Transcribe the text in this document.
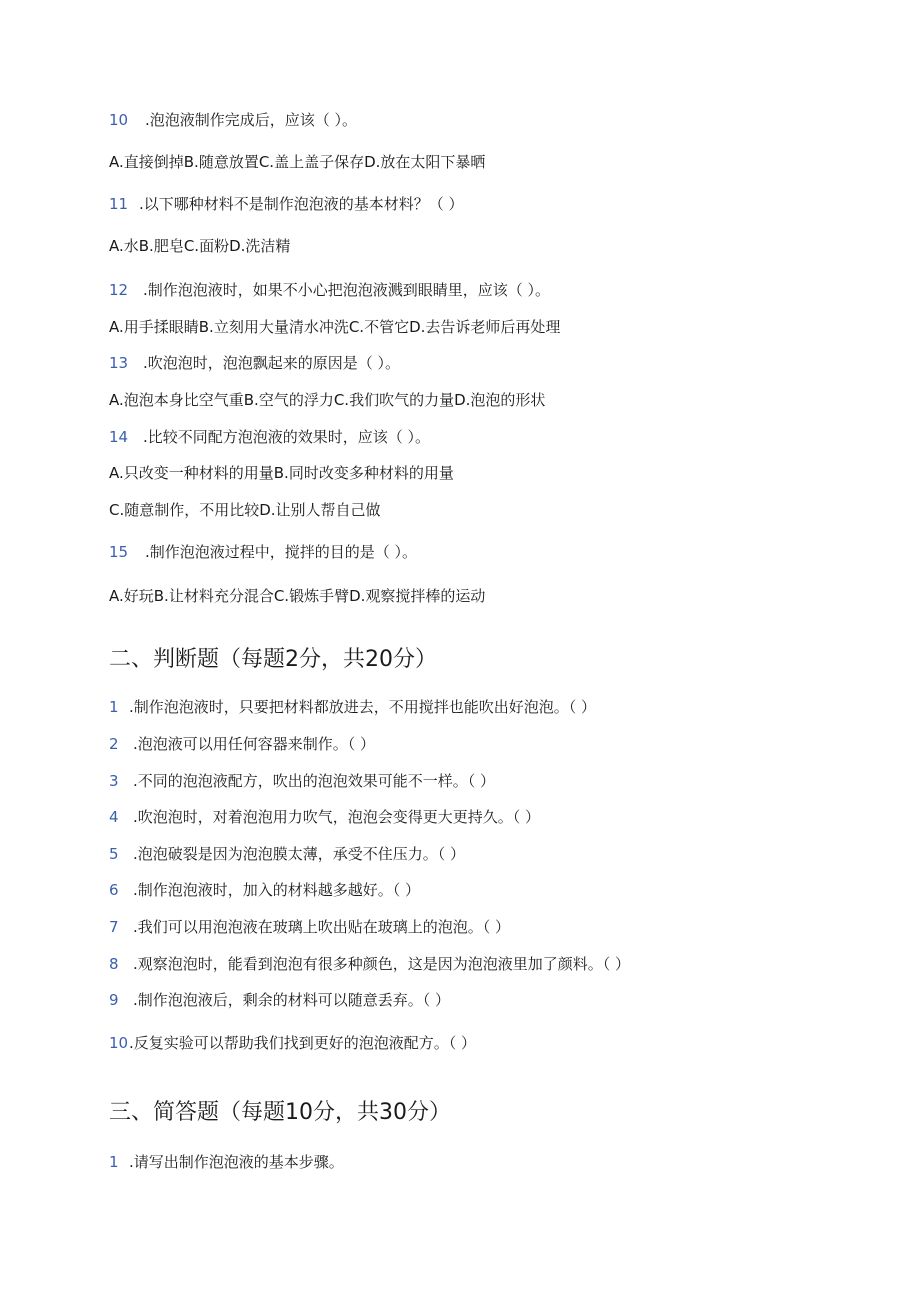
10 .泡泡液制作完成后，应该（ ）。
A.直接倒掉B.随意放置C.盖上盖子保存D.放在太阳下暴晒
11 .以下哪种材料不是制作泡泡液的基本材料？（ ）
A.水B.肥皂C.面粉D.洗洁精
12 .制作泡泡液时，如果不小心把泡泡液溅到眼睛里，应该（ ）。
A.用手揉眼睛B.立刻用大量清水冲洗C.不管它D.去告诉老师后再处理
13 .吹泡泡时，泡泡飘起来的原因是（ ）。
A.泡泡本身比空气重B.空气的浮力C.我们吹气的力量D.泡泡的形状
14 .比较不同配方泡泡液的效果时，应该（ ）。
A.只改变一种材料的用量B.同时改变多种材料的用量
C.随意制作，不用比较D.让别人帮自己做
15 .制作泡泡液过程中，搅拌的目的是（ ）。
A.好玩B.让材料充分混合C.锻炼手臂D.观察搅拌棒的运动
二、判断题（每题2分，共20分）
1 .制作泡泡液时，只要把材料都放进去，不用搅拌也能吹出好泡泡。（ ）
2 .泡泡液可以用任何容器来制作。（ ）
3 .不同的泡泡液配方，吹出的泡泡效果可能不一样。（ ）
4 .吹泡泡时，对着泡泡用力吹气，泡泡会变得更大更持久。（ ）
5 .泡泡破裂是因为泡泡膜太薄，承受不住压力。（ ）
6 .制作泡泡液时，加入的材料越多越好。（ ）
7 .我们可以用泡泡液在玻璃上吹出贴在玻璃上的泡泡。（ ）
8 .观察泡泡时，能看到泡泡有很多种颜色，这是因为泡泡液里加了颜料。（ ）
9 .制作泡泡液后，剩余的材料可以随意丢弃。（ ）
10.反复实验可以帮助我们找到更好的泡泡液配方。（ ）
三、简答题（每题10分，共30分）
1 .请写出制作泡泡液的基本步骤。
